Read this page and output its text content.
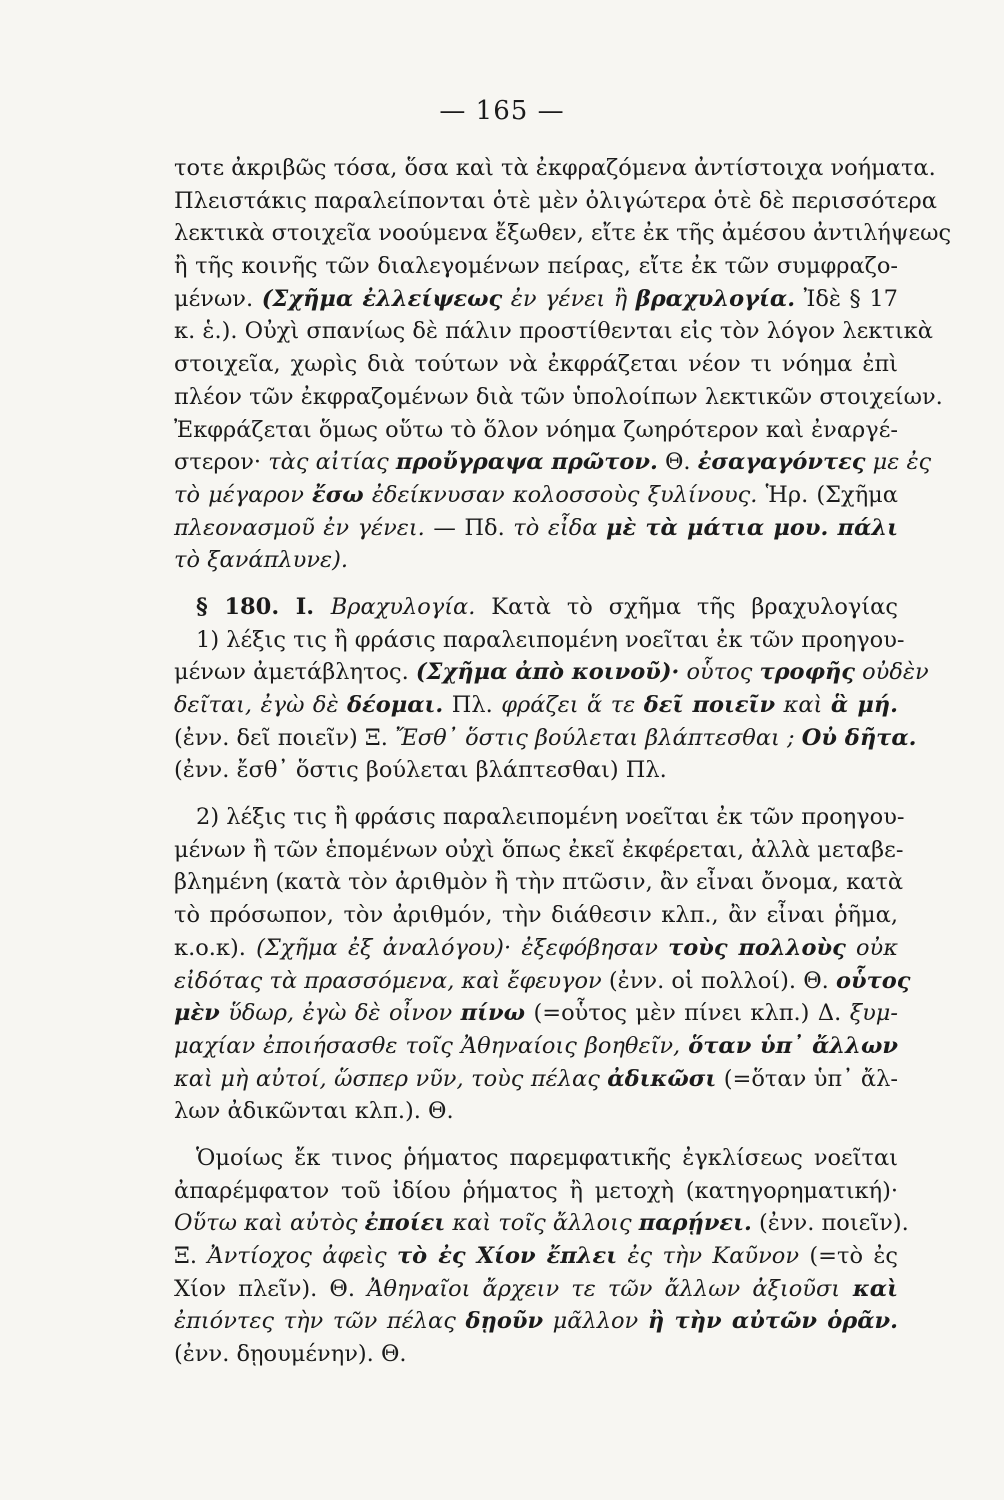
— 165 —
τοτε ἀκριβῶς τόσα, ὅσα καὶ τὰ ἐκφραζόμενα ἀντίστοιχα νοήματα.
Πλειστάκις παραλείπονται ὁτὲ μὲν ὀλιγώτερα ὁτὲ δὲ περισσότερα
λεκτικὰ στοιχεῖα νοούμενα ἔξωθεν, εἴτε ἐκ τῆς ἀμέσου ἀντιλήψεως
ἢ τῆς κοινῆς τῶν διαλεγομένων πείρας, εἴτε ἐκ τῶν συμφραζο-
μένων. (Σχῆμα ἐλλείψεως ἐν γένει ἢ βραχυλογία. Ἰδὲ § 17
κ. ἑ.). Οὐχὶ σπανίως δὲ πάλιν προστίθενται εἰς τὸν λόγον λεκτικὰ
στοιχεῖα, χωρὶς διὰ τούτων νὰ ἐκφράζεται νέον τι νόημα ἐπὶ
πλέον τῶν ἐκφραζομένων διὰ τῶν ὑπολοίπων λεκτικῶν στοιχείων.
Ἐκφράζεται ὅμως οὕτω τὸ ὅλον νόημα ζωηρότερον καὶ ἐναργέ-
στερον· τὰς αἰτίας προὔγραψα πρῶτον. Θ. ἐσαγαγόντες με ἐς
τὸ μέγαρον ἔσω ἐδείκνυσαν κολοσσοὺς ξυλίνους. Ἡρ. (Σχῆμα
πλεονασμοῦ ἐν γένει. — Πδ. τὸ εἶδα μὲ τὰ μάτια μου. πάλι
τὸ ξανάπλυνε).
§ 180. I. Βραχυλογία. Κατὰ τὸ σχῆμα τῆς βραχυλογίας
1) λέξις τις ἢ φράσις παραλειπομένη νοεῖται ἐκ τῶν προηγου-
μένων ἀμετάβλητος. (Σχῆμα ἀπὸ κοινοῦ)· οὗτος τροφῆς οὐδὲν
δεῖται, ἐγὼ δὲ δέομαι. Πλ. φράζει ἅ τε δεῖ ποιεῖν καὶ ἃ μή.
(ἐνν. δεῖ ποιεῖν) Ξ. Ἔσθ᾽ ὅστις βούλεται βλάπτεσθαι ; Οὐ δῆτα.
(ἐνν. ἔσθ᾽ ὅστις βούλεται βλάπτεσθαι) Πλ.
2) λέξις τις ἢ φράσις παραλειπομένη νοεῖται ἐκ τῶν προηγου-
μένων ἢ τῶν ἑπομένων οὐχὶ ὅπως ἐκεῖ ἐκφέρεται, ἀλλὰ μεταβε-
βλημένη (κατὰ τὸν ἀριθμὸν ἢ τὴν πτῶσιν, ἂν εἶναι ὄνομα, κατὰ
τὸ πρόσωπον, τὸν ἀριθμόν, τὴν διάθεσιν κλπ., ἂν εἶναι ῥῆμα,
κ.ο.κ). (Σχῆμα ἐξ ἀναλόγου)· ἐξεφόβησαν τοὺς πολλοὺς οὐκ
εἰδότας τὰ πρασσόμενα, καὶ ἔφευγον (ἐνν. οἱ πολλοί). Θ. οὗτος
μὲν ὕδωρ, ἐγὼ δὲ οἶνον πίνω (=οὗτος μὲν πίνει κλπ.) Δ. ξυμ-
μαχίαν ἐποιήσασθε τοῖς Ἀθηναίοις βοηθεῖν, ὅταν ὑπ᾽ ἄλλων
καὶ μὴ αὐτοί, ὥσπερ νῦν, τοὺς πέλας ἀδικῶσι (=ὅταν ὑπ᾽ ἄλ-
λων ἀδικῶνται κλπ.). Θ.
Ὁμοίως ἔκ τινος ῥήματος παρεμφατικῆς ἐγκλίσεως νοεῖται
ἀπαρέμφατον τοῦ ἰδίου ῥήματος ἢ μετοχὴ (κατηγορηματική)·
Οὕτω καὶ αὐτὸς ἐποίει καὶ τοῖς ἄλλοις παρῄνει. (ἐνν. ποιεῖν).
Ξ. Ἀντίοχος ἀφεὶς τὸ ἐς Χίον ἔπλει ἐς τὴν Καῦνον (=τὸ ἐς
Χίον πλεῖν). Θ. Ἀθηναῖοι ἄρχειν τε τῶν ἄλλων ἀξιοῦσι καὶ
ἐπιόντες τὴν τῶν πέλας δῃοῦν μᾶλλον ἢ τὴν αὐτῶν ὁρᾶν.
(ἐνν. δῃουμένην). Θ.
